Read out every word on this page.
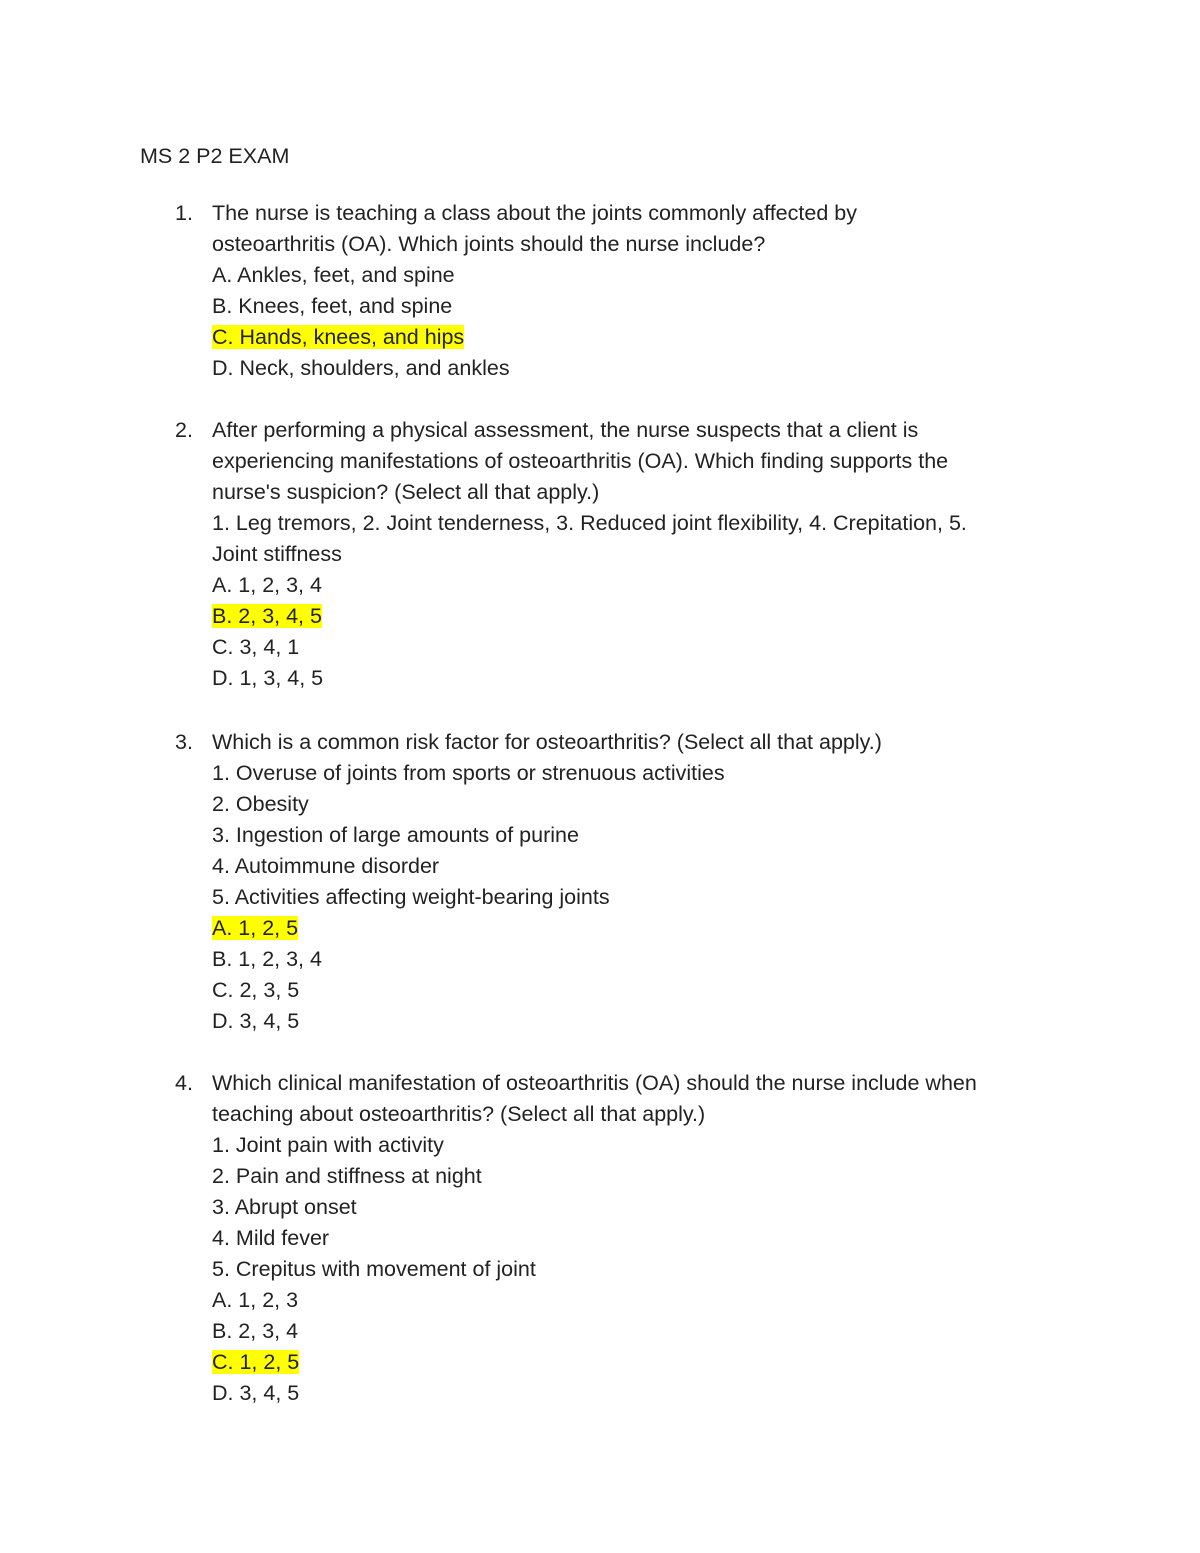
MS 2 P2 EXAM
1. The nurse is teaching a class about the joints commonly affected by
osteoarthritis (OA). Which joints should the nurse include?
A. Ankles, feet, and spine
B. Knees, feet, and spine
C. Hands, knees, and hips
D. Neck, shoulders, and ankles
2. After performing a physical assessment, the nurse suspects that a client is
experiencing manifestations of osteoarthritis (OA). Which finding supports the
nurse's suspicion? (Select all that apply.)
1. Leg tremors, 2. Joint tenderness, 3. Reduced joint flexibility, 4. Crepitation, 5.
Joint stiffness
A. 1, 2, 3, 4
B. 2, 3, 4, 5
C. 3, 4, 1
D. 1, 3, 4, 5
3. Which is a common risk factor for osteoarthritis? (Select all that apply.)
1. Overuse of joints from sports or strenuous activities
2. Obesity
3. Ingestion of large amounts of purine
4. Autoimmune disorder
5. Activities affecting weight-bearing joints
A. 1, 2, 5
B. 1, 2, 3, 4
C. 2, 3, 5
D. 3, 4, 5
4. Which clinical manifestation of osteoarthritis (OA) should the nurse include when
teaching about osteoarthritis? (Select all that apply.)
1. Joint pain with activity
2. Pain and stiffness at night
3. Abrupt onset
4. Mild fever
5. Crepitus with movement of joint
A. 1, 2, 3
B. 2, 3, 4
C. 1, 2, 5
D. 3, 4, 5
